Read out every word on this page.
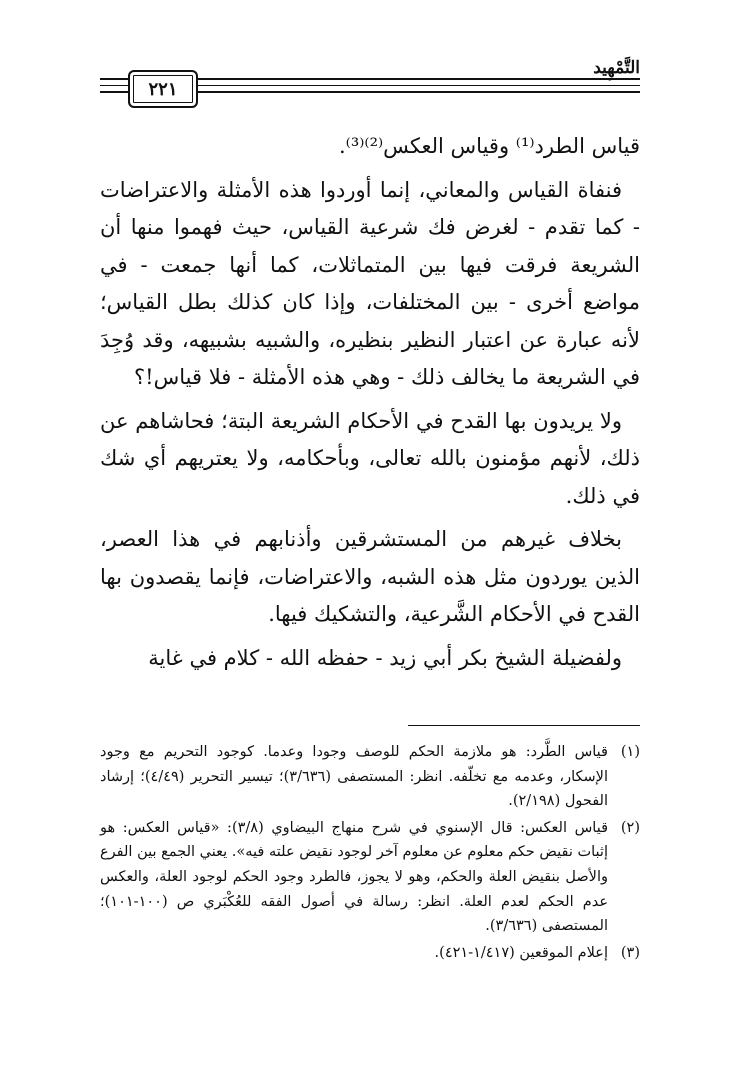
٢٢١
التَّمْهِيد

قياس الطرد⁽¹⁾ وقياس العكس⁽²⁾⁽³⁾.

فنفاة القياس والمعاني، إنما أوردوا هذه الأمثلة والاعتراضات - كما تقدم - لغرض فك شرعية القياس، حيث فهموا منها أن الشريعة فرقت فيها بين المتماثلات، كما أنها جمعت - في مواضع أخرى - بين المختلفات، وإذا كان كذلك بطل القياس؛ لأنه عبارة عن اعتبار النظير بنظيره، والشبيه بشبيهه، وقد وُجِدَ في الشريعة ما يخالف ذلك - وهي هذه الأمثلة - فلا قياس!؟

ولا يريدون بها القدح في الأحكام الشريعة البتة؛ فحاشاهم عن ذلك، لأنهم مؤمنون بالله تعالى، وبأحكامه، ولا يعتريهم أي شك في ذلك.

بخلاف غيرهم من المستشرقين وأذنابهم في هذا العصر، الذين يوردون مثل هذه الشبه، والاعتراضات، فإنما يقصدون بها القدح في الأحكام الشَّرعية، والتشكيك فيها.

ولفضيلة الشيخ بكر أبي زيد - حفظه الله - كلام في غاية

(١)
قياس الطَّرد: هو ملازمة الحكم للوصف وجودا وعدما. كوجود التحريم مع وجود الإسكار، وعدمه مع تخلّفه. انظر: المستصفى (٣/٦٣٦)؛ تيسير التحرير (٤/٤٩)؛ إرشاد الفحول (٢/١٩٨).
(٢)
قياس العكس: قال الإسنوي في شرح منهاج البيضاوي (٣/٨): «قياس العكس: هو إثبات نقيض حكم معلوم عن معلوم آخر لوجود نقيض علته فيه». يعني الجمع بين الفرع والأصل بنقيض العلة والحكم، وهو لا يجوز، فالطرد وجود الحكم لوجود العلة، والعكس عدم الحكم لعدم العلة. انظر: رسالة في أصول الفقه للعُكْبَري ص (١٠٠-١٠١)؛ المستصفى (٣/٦٣٦).
(٣)
إعلام الموقعين (١/٤١٧-٤٢١).
